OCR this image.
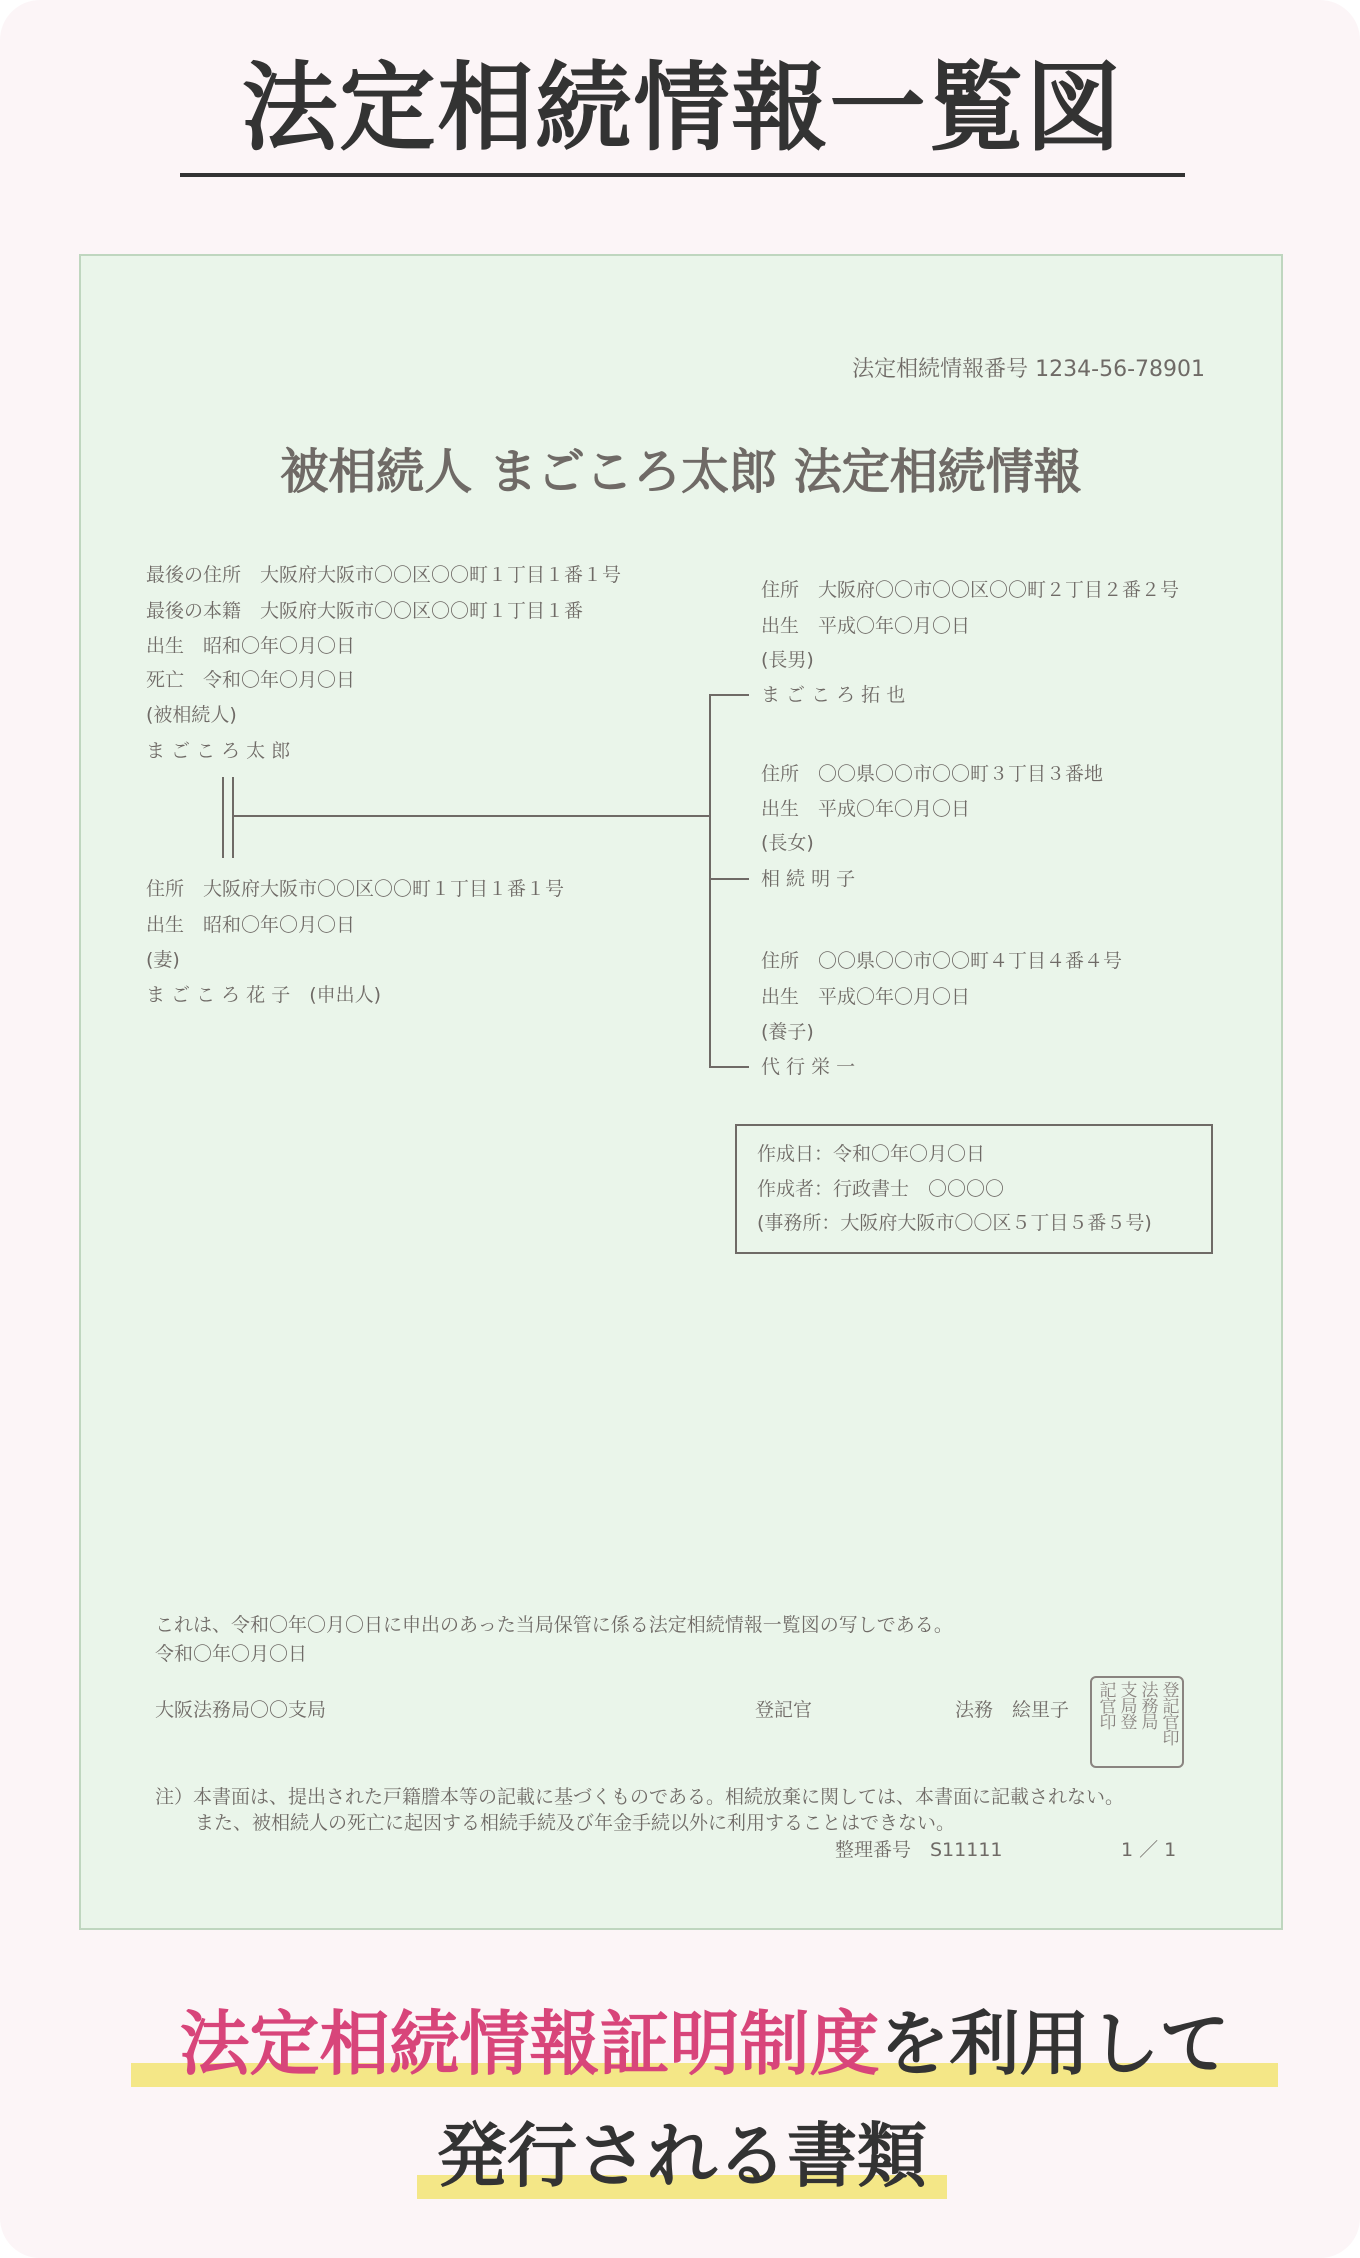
法定相続情報一覧図
法定相続情報番号 1234-56-78901
被相続人 まごころ太郎 法定相続情報
最後の住所　大阪府大阪市〇〇区〇〇町１丁目１番１号
最後の本籍　大阪府大阪市〇〇区〇〇町１丁目１番
出生　昭和〇年〇月〇日
死亡　令和〇年〇月〇日
(被相続人)
ま ご こ ろ 太 郎
住所　大阪府大阪市〇〇区〇〇町１丁目１番１号
出生　昭和〇年〇月〇日
(妻)
ま ご こ ろ 花 子　(申出人)
住所　大阪府〇〇市〇〇区〇〇町２丁目２番２号
出生　平成〇年〇月〇日
(長男)
ま ご こ ろ 拓 也
住所　〇〇県〇〇市〇〇町３丁目３番地
出生　平成〇年〇月〇日
(長女)
相 続 明 子
住所　〇〇県〇〇市〇〇町４丁目４番４号
出生　平成〇年〇月〇日
(養子)
代 行 栄 一
作成日：令和〇年〇月〇日
作成者：行政書士　〇〇〇〇
(事務所：大阪府大阪市〇〇区５丁目５番５号)
これは、令和〇年〇月〇日に申出のあった当局保管に係る法定相続情報一覧図の写しである。
令和〇年〇月〇日
大阪法務局〇〇支局	登記官	法務　絵里子	登記官印
法務局
支局登
記官印
注）本書面は、提出された戸籍謄本等の記載に基づくものである。相続放棄に関しては、本書面に記載されない。
また、被相続人の死亡に起因する相続手続及び年金手続以外に利用することはできない。
整理番号　S11111	1 ／ 1
法定相続情報証明制度を利用して
発行される書類
